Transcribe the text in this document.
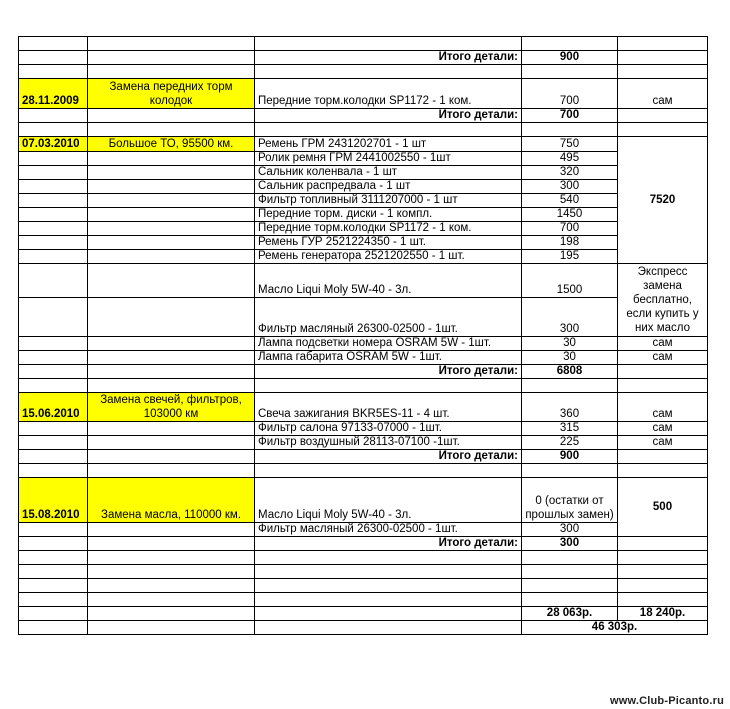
		Итого детали:	900		

28.11.2009	Замена передних торм колодок	Передние торм.колодки SP1172 - 1 ком.	700	сам	
		Итого детали:	700		

07.03.2010	Большое ТО, 95500 км.	Ремень ГРМ 2431202701 - 1 шт	750	7520	
		Ролик ремня ГРМ 2441002550 - 1шт	495		
		Сальник коленвала - 1 шт	320		
		Сальник распредвала - 1 шт	300		
		Фильтр топливный 3111207000 - 1 шт	540		
		Передние торм. диски - 1 компл.	1450		
		Передние торм.колодки SP1172 - 1 ком.	700		
		Ремень ГУР 2521224350 - 1 шт.	198		
		Ремень генератора 2521202550 - 1 шт.	195		
		Масло Liqui Moly 5W-40 - 3л.	1500	Экспресс замена бесплатно, если купить у них масло	
		Фильтр масляный 26300-02500 - 1шт.	300		
		Лампа подсветки номера OSRAM 5W - 1шт.	30	сам	
		Лампа габарита OSRAM 5W - 1шт.	30	сам	
		Итого детали:	6808		

15.06.2010	Замена свечей, фильтров, 103000 км	Свеча зажигания BKR5ES-11 - 4 шт.	360	сам	
		Фильтр салона 97133-07000 - 1шт.	315	сам	
		Фильтр воздушный 28113-07100 -1шт.	225	сам	
		Итого детали:	900		

15.08.2010	Замена масла, 110000 км.	Масло Liqui Moly 5W-40 - 3л.	0 (остатки от прошлых замен)	500	
		Фильтр масляный 26300-02500 - 1шт.	300		
		Итого детали:	300		

			28 063р.	18 240р.	
			46 303р.		
www.Club-Picanto.ru
